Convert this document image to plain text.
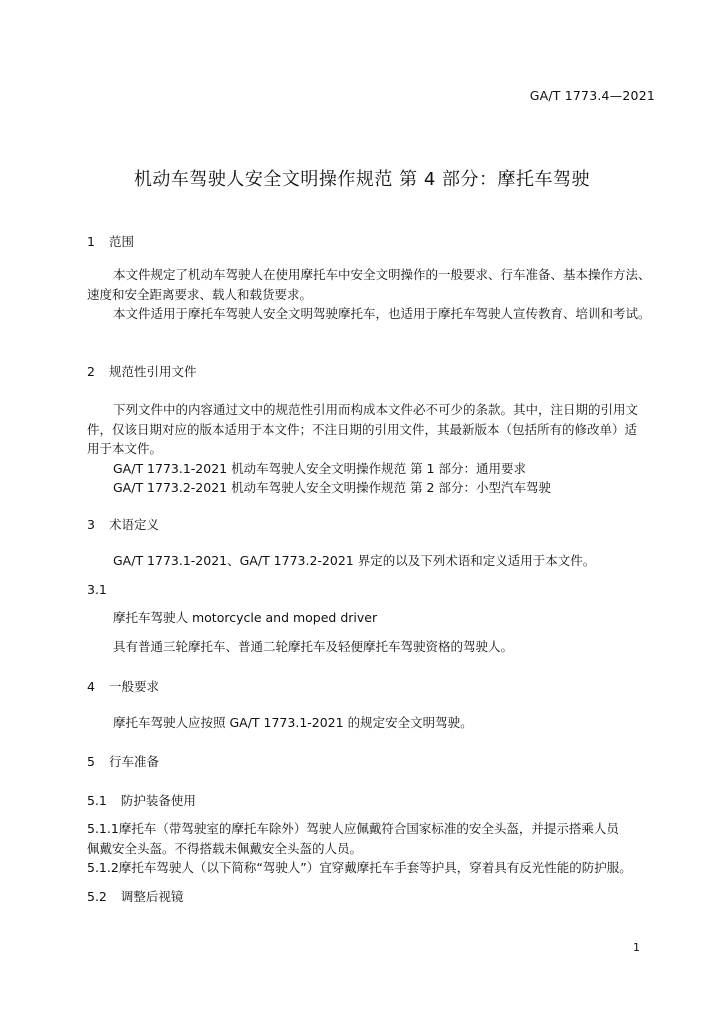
GA/T 1773.4—2021
机动车驾驶人安全文明操作规范 第 4 部分：摩托车驾驶
1 范围

本文件规定了机动车驾驶人在使用摩托车中安全文明操作的一般要求、行车准备、基本操作方法、

速度和安全距离要求、载人和载货要求。

本文件适用于摩托车驾驶人安全文明驾驶摩托车，也适用于摩托车驾驶人宣传教育、培训和考试。

2 规范性引用文件

下列文件中的内容通过文中的规范性引用而构成本文件必不可少的条款。其中，注日期的引用文

件，仅该日期对应的版本适用于本文件；不注日期的引用文件，其最新版本（包括所有的修改单）适

用于本文件。

GA/T 1773.1-2021 机动车驾驶人安全文明操作规范 第 1 部分：通用要求

GA/T 1773.2-2021 机动车驾驶人安全文明操作规范 第 2 部分：小型汽车驾驶

3 术语定义

GA/T 1773.1-2021、GA/T 1773.2-2021 界定的以及下列术语和定义适用于本文件。

3.1

摩托车驾驶人 motorcycle and moped driver

具有普通三轮摩托车、普通二轮摩托车及轻便摩托车驾驶资格的驾驶人。

4 一般要求

摩托车驾驶人应按照 GA/T 1773.1-2021 的规定安全文明驾驶。

5 行车准备
5.1 防护装备使用

5.1.1摩托车（带驾驶室的摩托车除外）驾驶人应佩戴符合国家标准的安全头盔，并提示搭乘人员

佩戴安全头盔。不得搭载未佩戴安全头盔的人员。

5.1.2摩托车驾驶人（以下简称“驾驶人”）宜穿戴摩托车手套等护具，穿着具有反光性能的防护服。

5.2 调整后视镜
1
